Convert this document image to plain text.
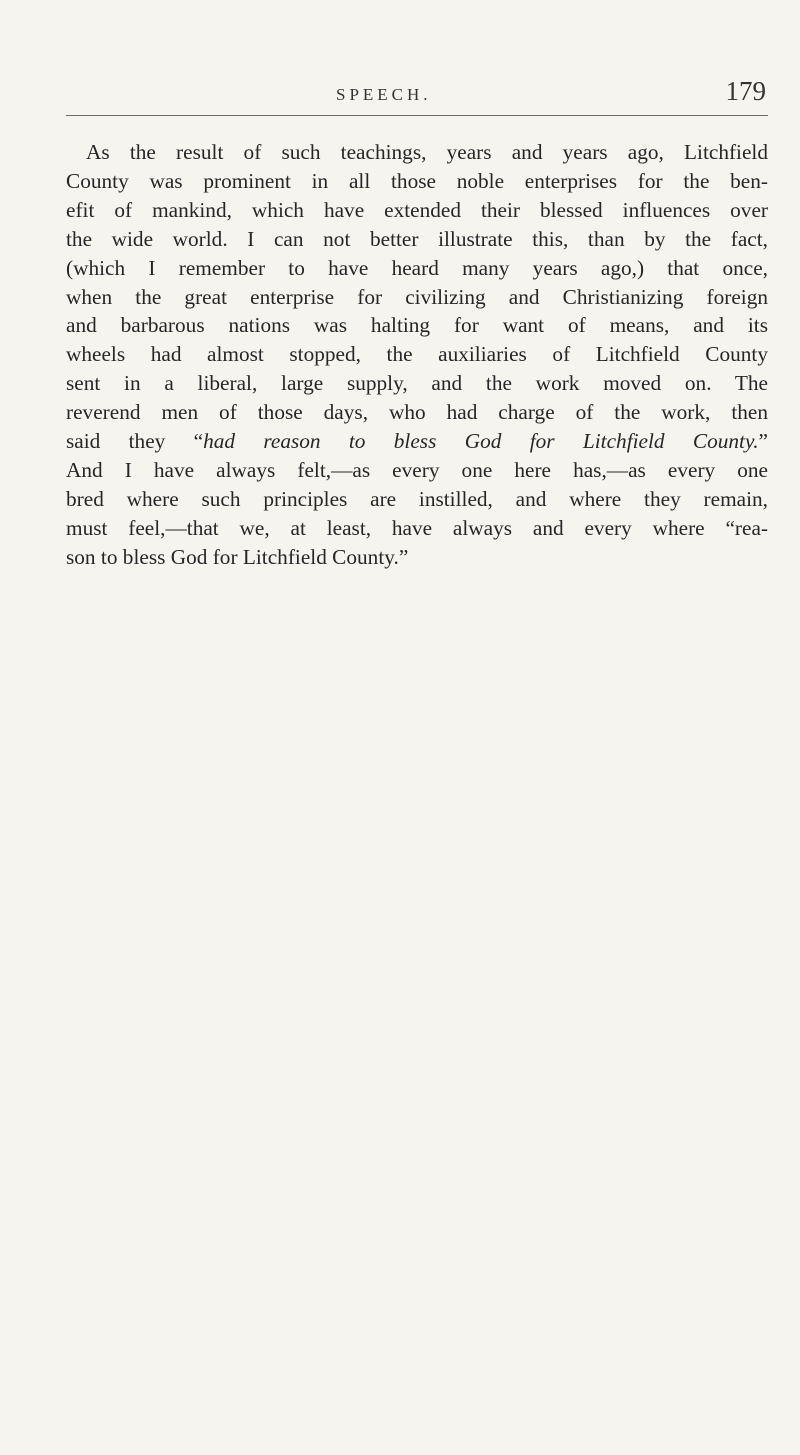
SPEECH.	179
As the result of such teachings, years and years ago, Litchfield
County was prominent in all those noble enterprises for the ben-
efit of mankind, which have extended their blessed influences over
the wide world. I can not better illustrate this, than by the fact,
(which I remember to have heard many years ago,) that once,
when the great enterprise for civilizing and Christianizing foreign
and barbarous nations was halting for want of means, and its
wheels had almost stopped, the auxiliaries of Litchfield County
sent in a liberal, large supply, and the work moved on. The
reverend men of those days, who had charge of the work, then
said they “had reason to bless God for Litchfield County.”
And I have always felt,—as every one here has,—as every one
bred where such principles are instilled, and where they remain,
must feel,—that we, at least, have always and every where “rea-
son to bless God for Litchfield County.”
